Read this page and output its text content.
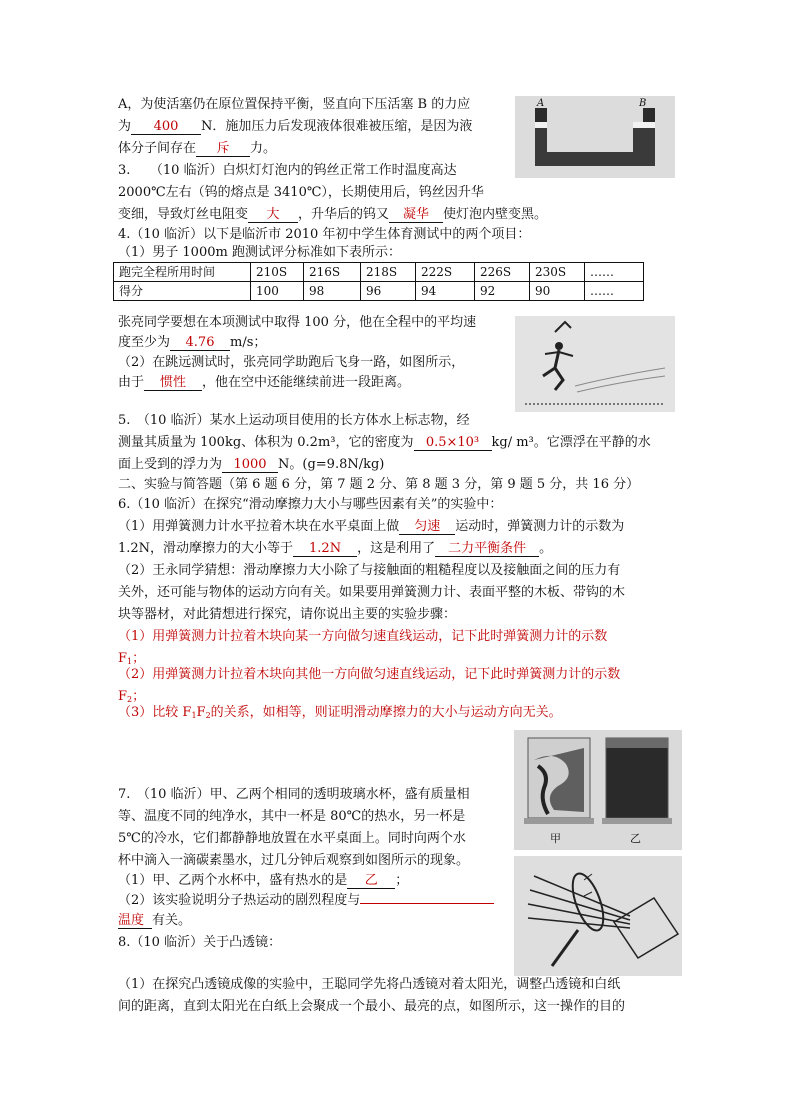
A	B
A，为使活塞仍在原位置保持平衡，竖直向下压活塞 B 的力应
为 400 N．施加压力后发现液体很难被压缩，是因为液
体分子间存在 斥 力。
3.　　（10 临沂）白炽灯灯泡内的钨丝正常工作时温度高达
2000℃左右（钨的熔点是 3410℃），长期使用后，钨丝因升华
变细，导致灯丝电阻变 大 ，升华后的钨又 凝华 使灯泡内壁变黑。
4.（10 临沂）以下是临沂市 2010 年初中学生体育测试中的两个项目：
（1）男子 1000m 跑测试评分标准如下表所示：
跑完全程所用时间	210S	216S	218S	222S	226S	230S	……
得分	100	98	96	94	92	90	……
张亮同学要想在本项测试中取得 100 分，他在全程中的平均速
度至少为 4.76 m/s；
（2）在跳远测试时，张亮同学助跑后飞身一路，如图所示，
由于 惯性 ，他在空中还能继续前进一段距离。
5.　（10 临沂）某水上运动项目使用的长方体水上标志物，经
测量其质量为 100kg、体积为 0.2m³，它的密度为 0.5×10³ kg/ m³。它漂浮在平静的水
面上受到的浮力为 1000 N。(g=9.8N/kg)
二、实验与简答题（第 6 题 6 分，第 7 题 2 分、第 8 题 3 分，第 9 题 5 分，共 16 分）
6.（10 临沂）在探究“滑动摩擦力大小与哪些因素有关”的实验中：
（1）用弹簧测力计水平拉着木块在水平桌面上做 匀速 运动时，弹簧测力计的示数为
1.2N，滑动摩擦力的大小等于 1.2N ，这是利用了 二力平衡条件 。
（2）王永同学猜想：滑动摩擦力大小除了与接触面的粗糙程度以及接触面之间的压力有
关外，还可能与物体的运动方向有关。如果要用弹簧测力计、表面平整的木板、带钩的木
块等器材，对此猜想进行探究，请你说出主要的实验步骤：
（1）用弹簧测力计拉着木块向某一方向做匀速直线运动，记下此时弹簧测力计的示数
$F_1$；
（2）用弹簧测力计拉着木块向其他一方向做匀速直线运动，记下此时弹簧测力计的示数
$F_2$；
（3）比较 $F_1F_2$的关系，如相等，则证明滑动摩擦力的大小与运动方向无关。
甲	乙
7.　（10 临沂）甲、乙两个相同的透明玻璃水杯，盛有质量相
等、温度不同的纯净水，其中一杯是 80℃的热水，另一杯是
5℃的冷水，它们都静静地放置在水平桌面上。同时向两个水
杯中滴入一滴碳素墨水，过几分钟后观察到如图所示的现象。
（1）甲、乙两个水杯中，盛有热水的是 乙 ；
（2）该实验说明分子热运动的剧烈程度与
温度 有关。
8.（10 临沂）关于凸透镜：
（1）在探究凸透镜成像的实验中，王聪同学先将凸透镜对着太阳光，调整凸透镜和白纸
间的距离，直到太阳光在白纸上会聚成一个最小、最亮的点，如图所示，这一操作的目的
